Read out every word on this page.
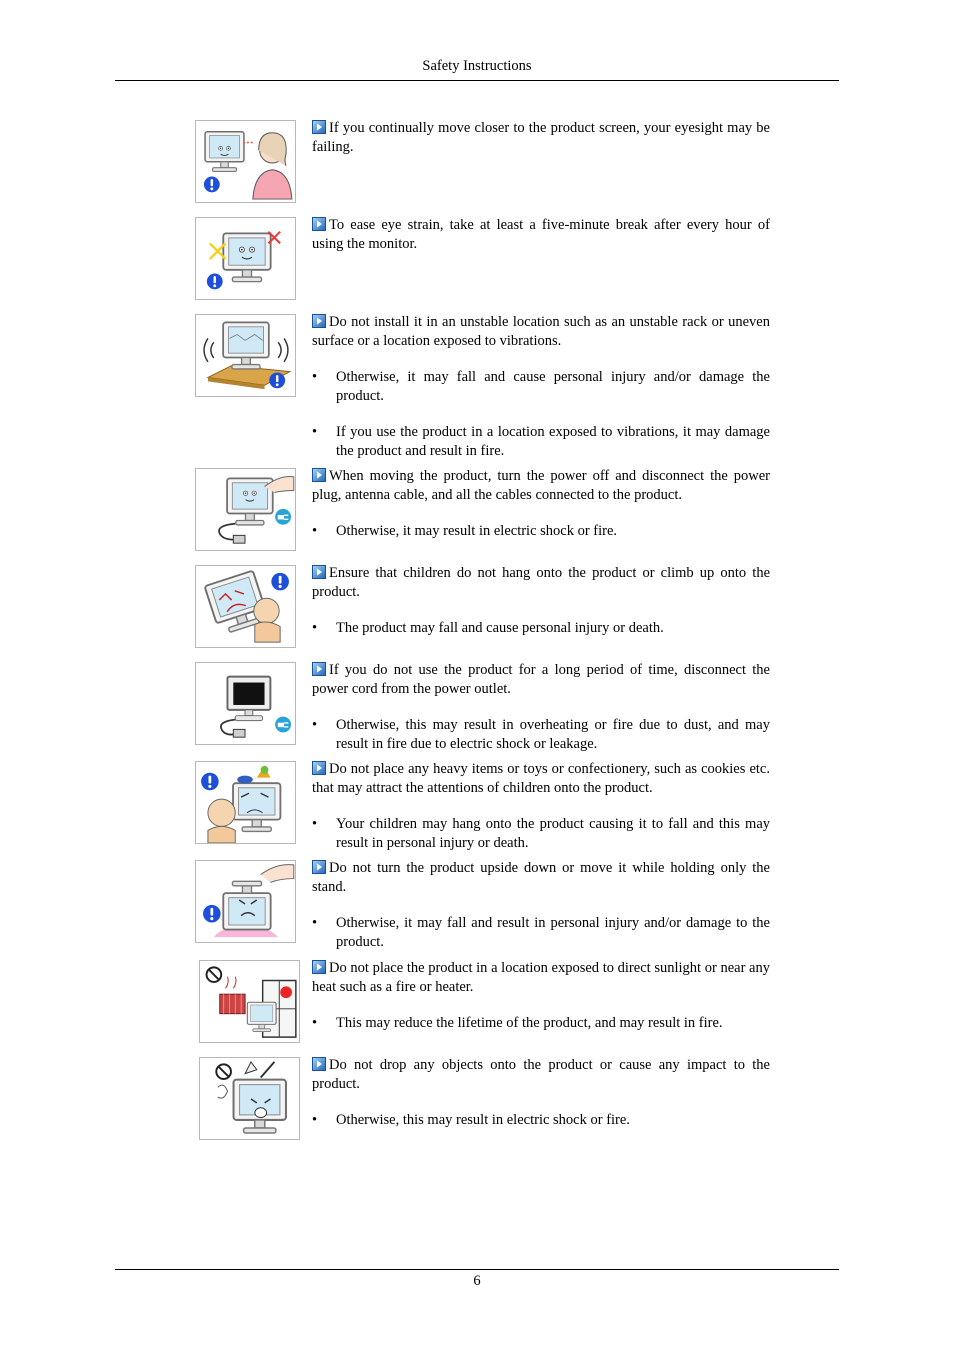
Safety Instructions

If you continually move closer to the product screen, your eyesight may be failing.

To ease eye strain, take at least a five-minute break after every hour of using the monitor.

Do not install it in an unstable location such as an unstable rack or uneven surface or a location exposed to vibrations.

• Otherwise, it may fall and cause personal injury and/or damage the product.
• If you use the product in a location exposed to vibrations, it may damage the product and result in fire.

When moving the product, turn the power off and disconnect the power plug, antenna cable, and all the cables connected to the product.

• Otherwise, it may result in electric shock or fire.

Ensure that children do not hang onto the product or climb up onto the product.

• The product may fall and cause personal injury or death.

If you do not use the product for a long period of time, disconnect the power cord from the power outlet.

• Otherwise, this may result in overheating or fire due to dust, and may result in fire due to electric shock or leakage.

Do not place any heavy items or toys or confectionery, such as cookies etc. that may attract the attentions of children onto the product.

• Your children may hang onto the product causing it to fall and this may result in personal injury or death.

Do not turn the product upside down or move it while holding only the stand.

• Otherwise, it may fall and result in personal injury and/or damage to the product.

Do not place the product in a location exposed to direct sunlight or near any heat such as a fire or heater.

• This may reduce the lifetime of the product, and may result in fire.

Do not drop any objects onto the product or cause any impact to the product.

• Otherwise, this may result in electric shock or fire.
6
